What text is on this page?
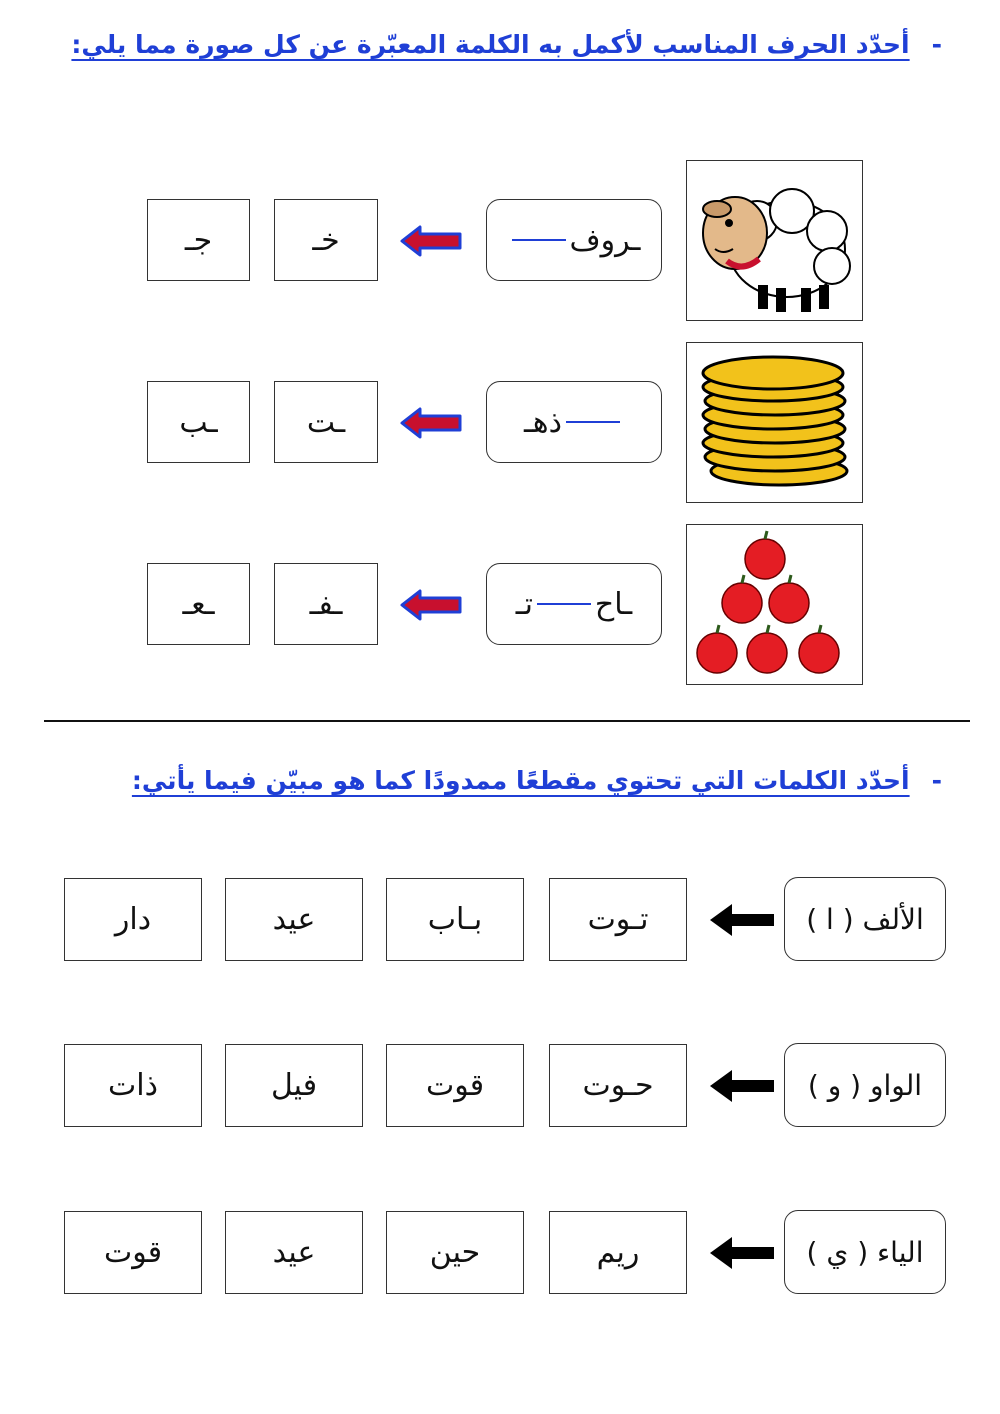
-أحدّد الحرف المناسب لأكمل به الكلمة المعبّرة عن كل صورة مما يلي:
ـروف
خـ
جـ
ذهـ
ـت
ـب
ـاح
تـ
ـفـ
ـعـ
-أحدّد الكلمات التي تحتوي مقطعًا ممدودًا كما هو مبيّن فيما يأتي:
الألف ( ا )
تـوت
بـاب
عيد
دار
الواو ( و )
حـوت
قوت
فيل
ذات
الياء ( ي )
ريم
حين
عيد
قوت
